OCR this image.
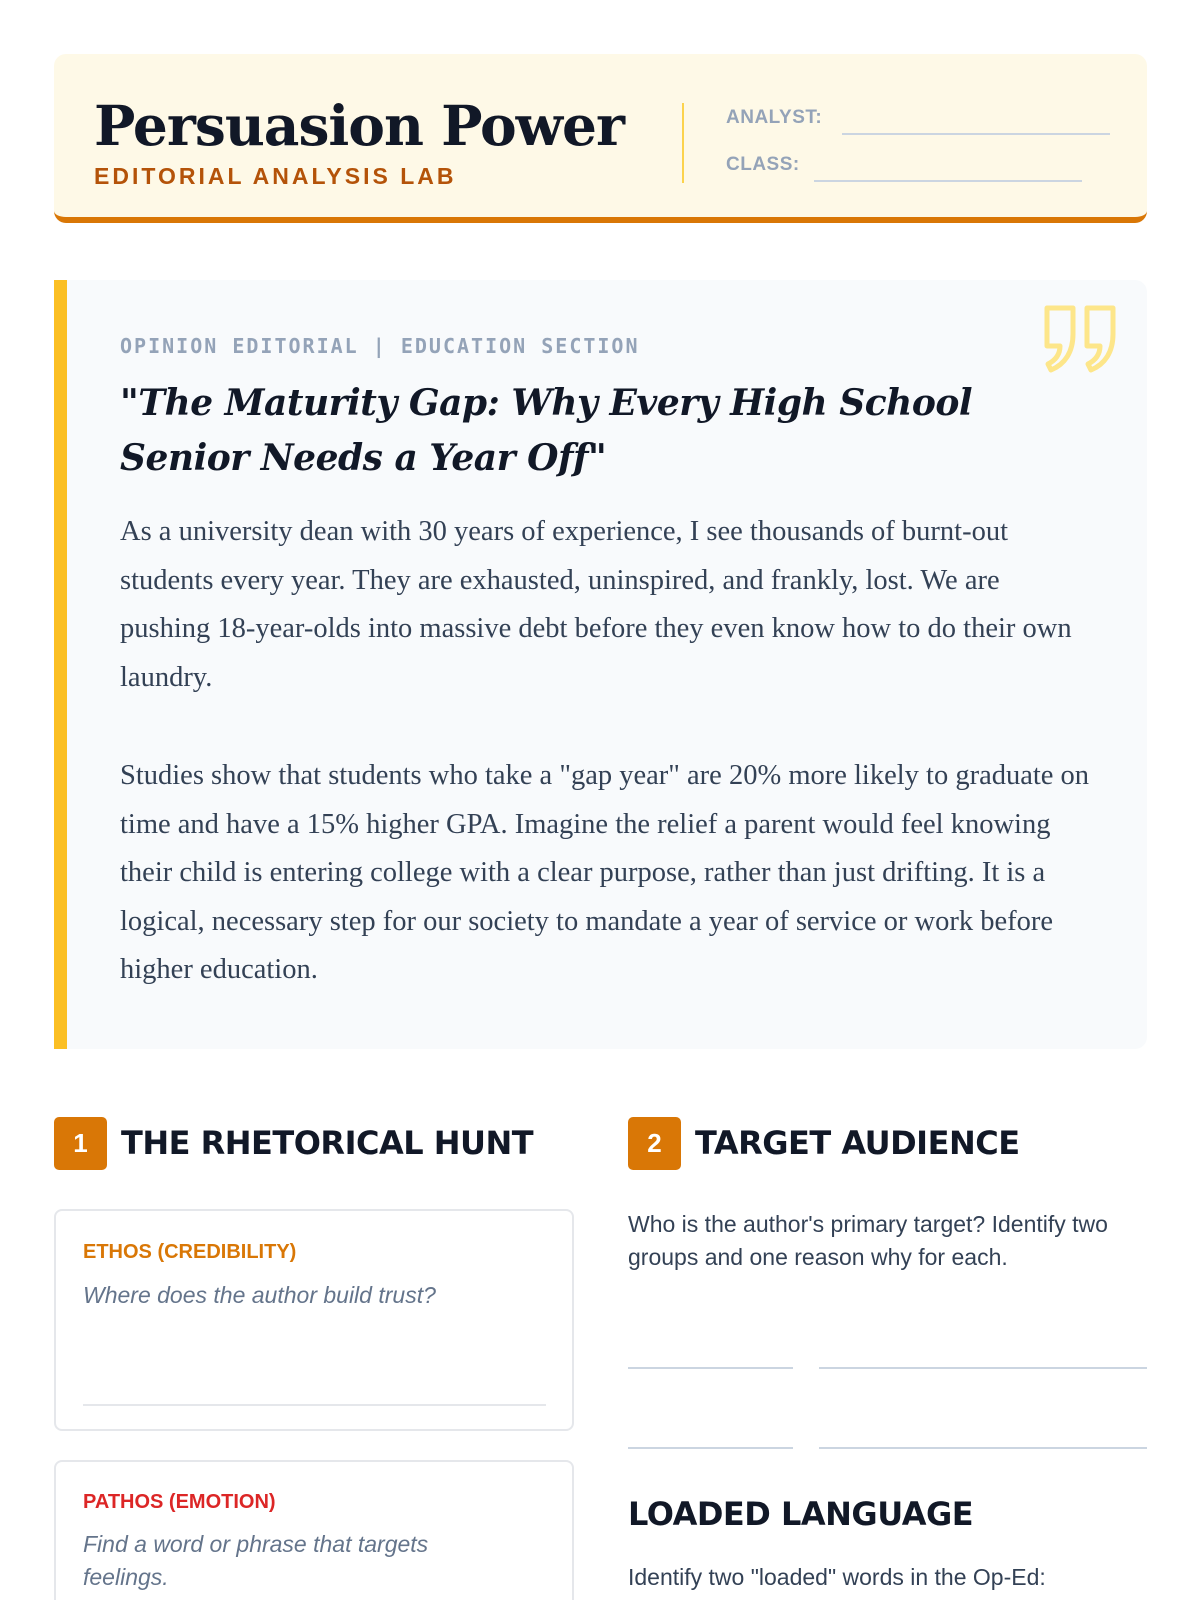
Persuasion Power
EDITORIAL ANALYSIS LAB
ANALYST:
CLASS:
OPINION EDITORIAL | EDUCATION SECTION
"The Maturity Gap: Why Every High School Senior Needs a Year Off"
As a university dean with 30 years of experience, I see thousands of burnt-out students every year. They are exhausted, uninspired, and frankly, lost. We are pushing 18-year-olds into massive debt before they even know how to do their own laundry.
Studies show that students who take a "gap year" are 20% more likely to graduate on time and have a 15% higher GPA. Imagine the relief a parent would feel knowing their child is entering college with a clear purpose, rather than just drifting. It is a logical, necessary step for our society to mandate a year of service or work before higher education.
1	THE RHETORICAL HUNT
ETHOS (CREDIBILITY)
Where does the author build trust?
PATHOS (EMOTION)
Find a word or phrase that targets feelings.
2	TARGET AUDIENCE
Who is the author's primary target? Identify two groups and one reason why for each.
LOADED LANGUAGE
Identify two "loaded" words in the Op-Ed:
